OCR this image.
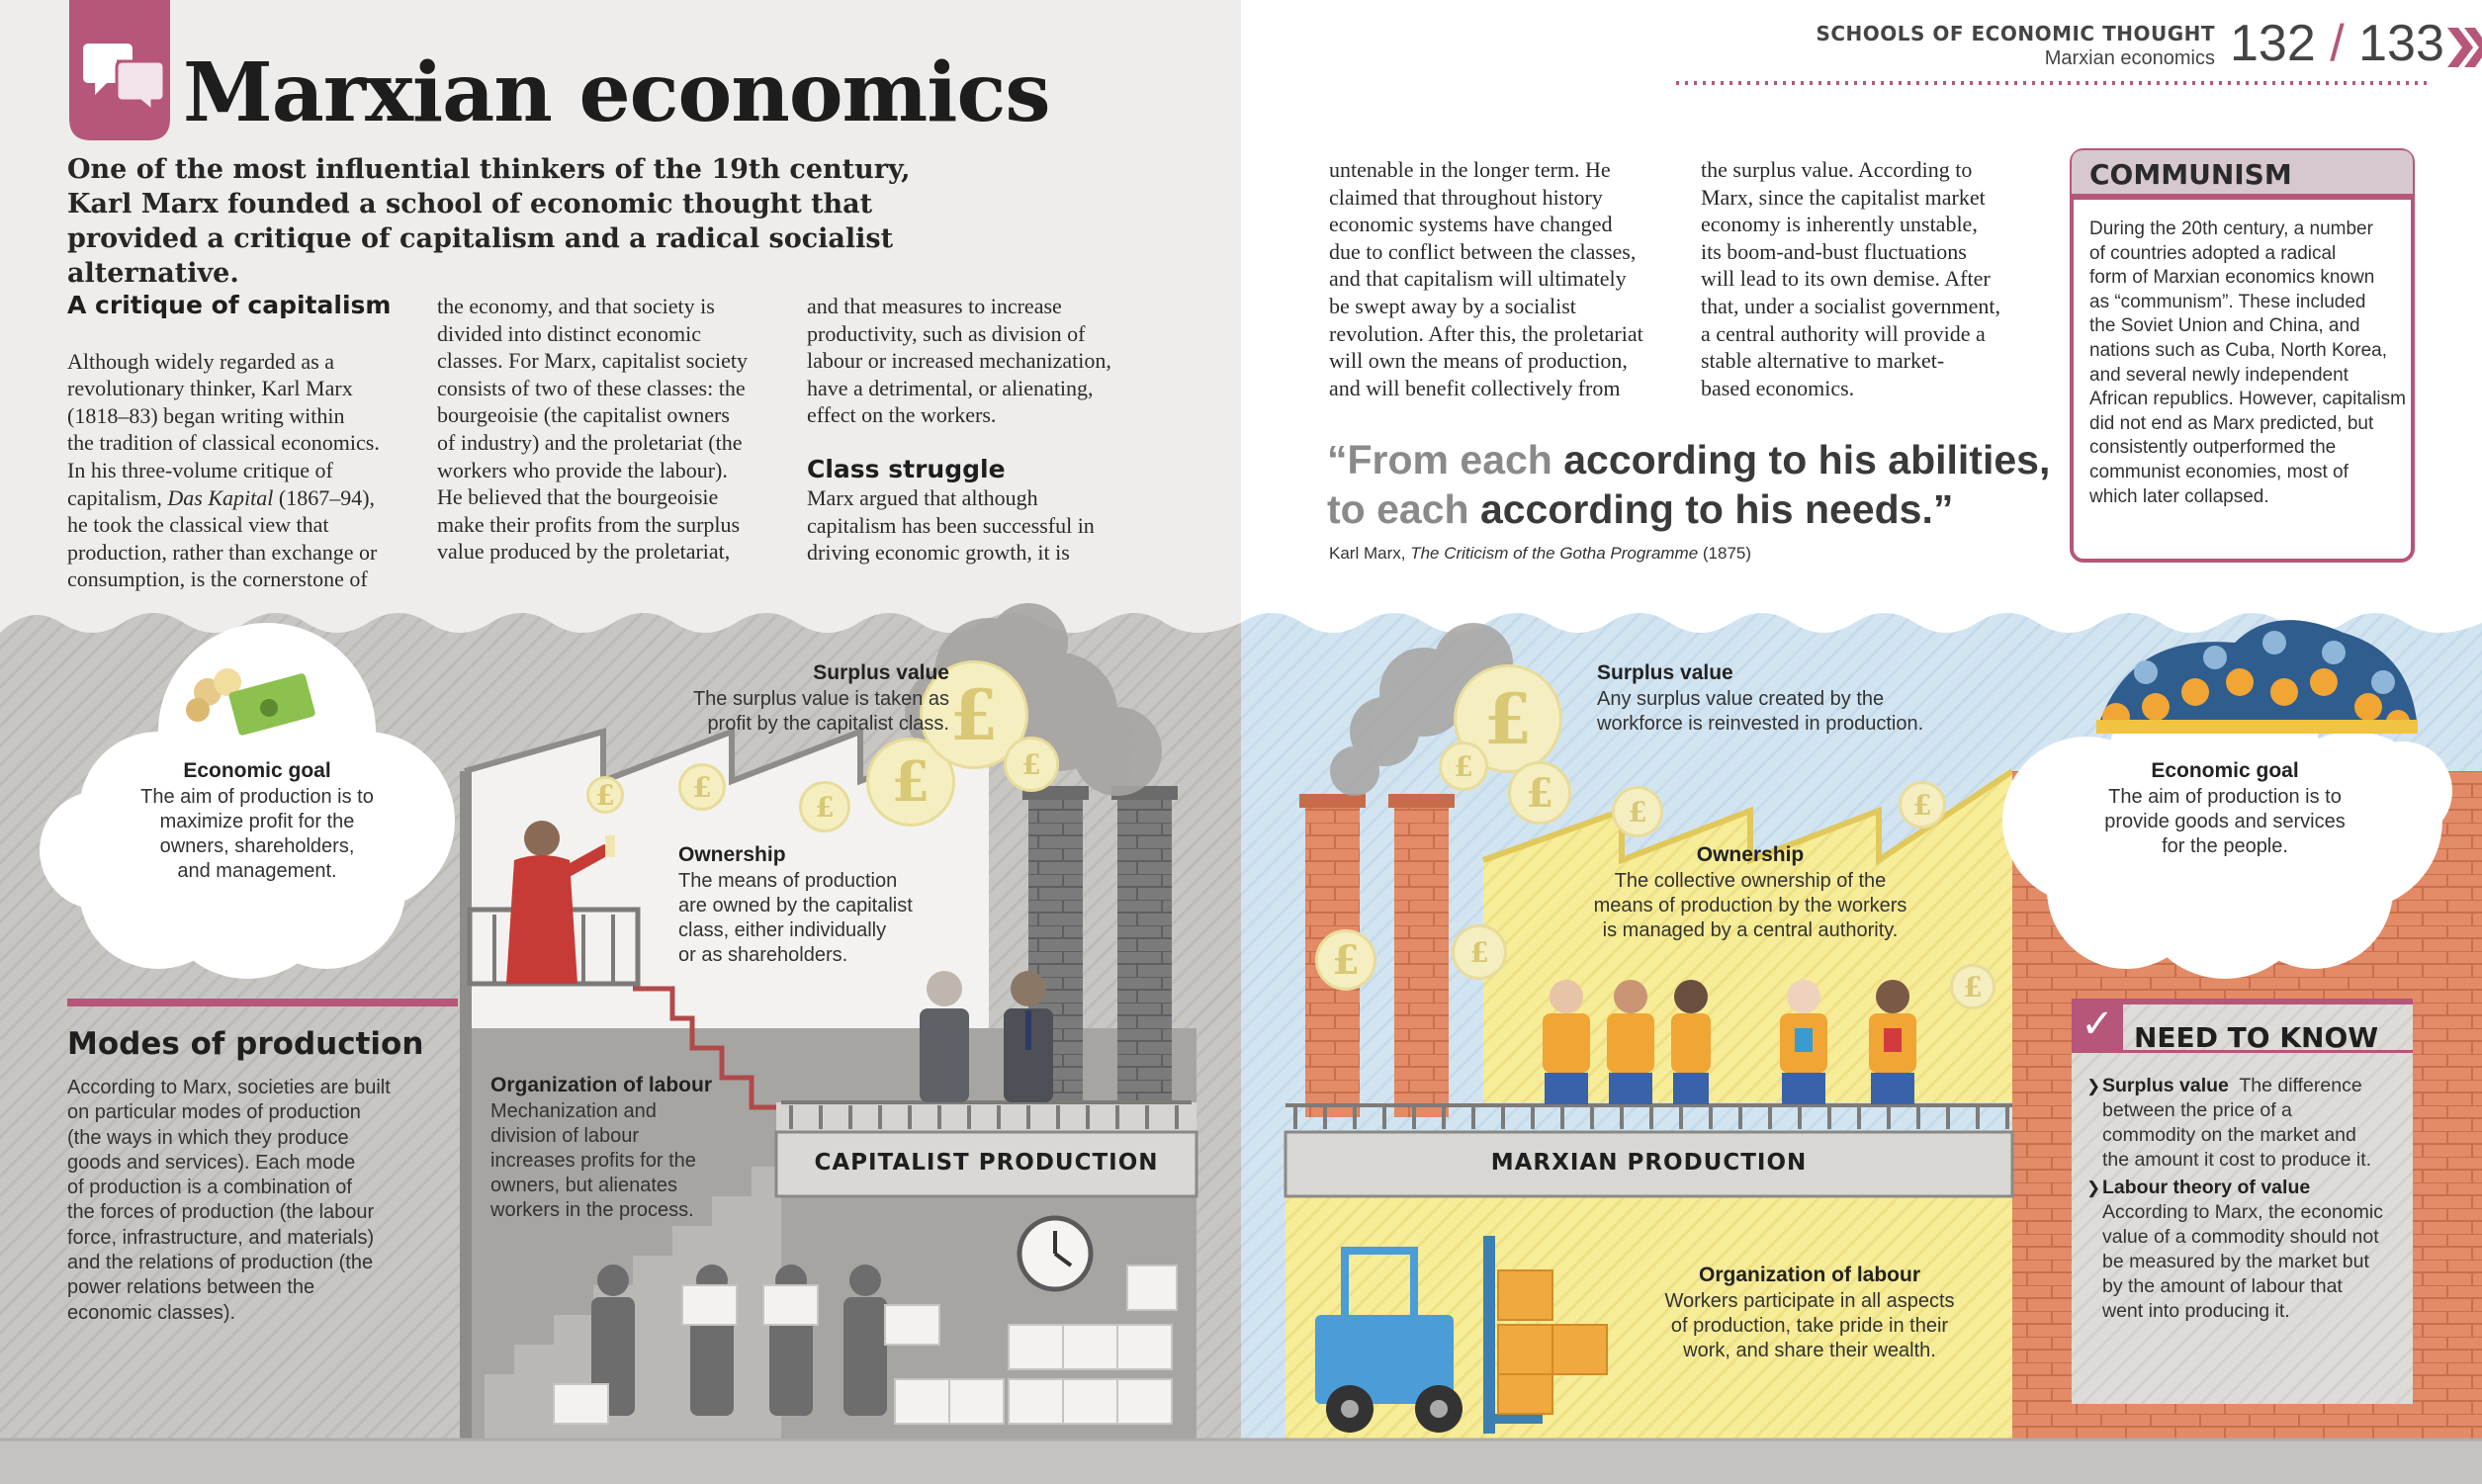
£	£
£	£
£
£
£
£
£	£	£
£	£
£
SCHOOLS OF ECONOMIC THOUGHT
Marxian economics 132 / 133
Marxian economics
One of the most influential thinkers of the 19th century, Karl Marx founded a school of economic thought that provided a critique of capitalism and a radical socialist alternative.
A critique of capitalism

Although widely regarded as a
revolutionary thinker, Karl Marx
(1818–83) began writing within
the tradition of classical economics.
In his three-volume critique of
capitalism, Das Kapital (1867–94),
he took the classical view that
production, rather than exchange or
consumption, is the cornerstone of

the economy, and that society is
divided into distinct economic
classes. For Marx, capitalist society
consists of two of these classes: the
bourgeoisie (the capitalist owners
of industry) and the proletariat (the
workers who provide the labour).
He believed that the bourgeoisie
make their profits from the surplus
value produced by the proletariat,
and that measures to increase
productivity, such as division of
labour or increased mechanization,
have a detrimental, or alienating,
effect on the workers.
Class struggle
Marx argued that although
capitalism has been successful in
driving economic growth, it is
untenable in the longer term. He
claimed that throughout history
economic systems have changed
due to conflict between the classes,
and that capitalism will ultimately
be swept away by a socialist
revolution. After this, the proletariat
will own the means of production,
and will benefit collectively from
the surplus value. According to
Marx, since the capitalist market
economy is inherently unstable,
its boom-and-bust fluctuations
will lead to its own demise. After
that, under a socialist government,
a central authority will provide a
stable alternative to market-
based economics.
“From each according to his abilities,
to each according to his needs.”
Karl Marx, The Criticism of the Gotha Programme (1875)
COMMUNISM
During the 20th century, a number
of countries adopted a radical
form of Marxian economics known
as “communism”. These included
the Soviet Union and China, and
nations such as Cuba, North Korea,
and several newly independent
African republics. However, capitalism
did not end as Marx predicted, but
consistently outperformed the
communist economies, most of
which later collapsed.
Economic goal
The aim of production is to
maximize profit for the
owners, shareholders,
and management.
Surplus value
The surplus value is taken as
profit by the capitalist class.
Ownership
The means of production
are owned by the capitalist
class, either individually
or as shareholders.
Organization of labour
Mechanization and
division of labour
increases profits for the
owners, but alienates
workers in the process.
CAPITALIST PRODUCTION
Modes of production
According to Marx, societies are built
on particular modes of production
(the ways in which they produce
goods and services). Each mode
of production is a combination of
the forces of production (the labour
force, infrastructure, and materials)
and the relations of production (the
power relations between the
economic classes).
Surplus value
Any surplus value created by the
workforce is reinvested in production.
Economic goal
The aim of production is to
provide goods and services
for the people.
Ownership
The collective ownership of the
means of production by the workers
is managed by a central authority.
MARXIAN PRODUCTION
Organization of labour
Workers participate in all aspects
of production, take pride in their
work, and share their wealth.
✓ NEED TO KNOW
❯ Surplus value The difference
between the price of a
commodity on the market and
the amount it cost to produce it.
❯ Labour theory of value
According to Marx, the economic
value of a commodity should not
be measured by the market but
by the amount of labour that
went into producing it.
